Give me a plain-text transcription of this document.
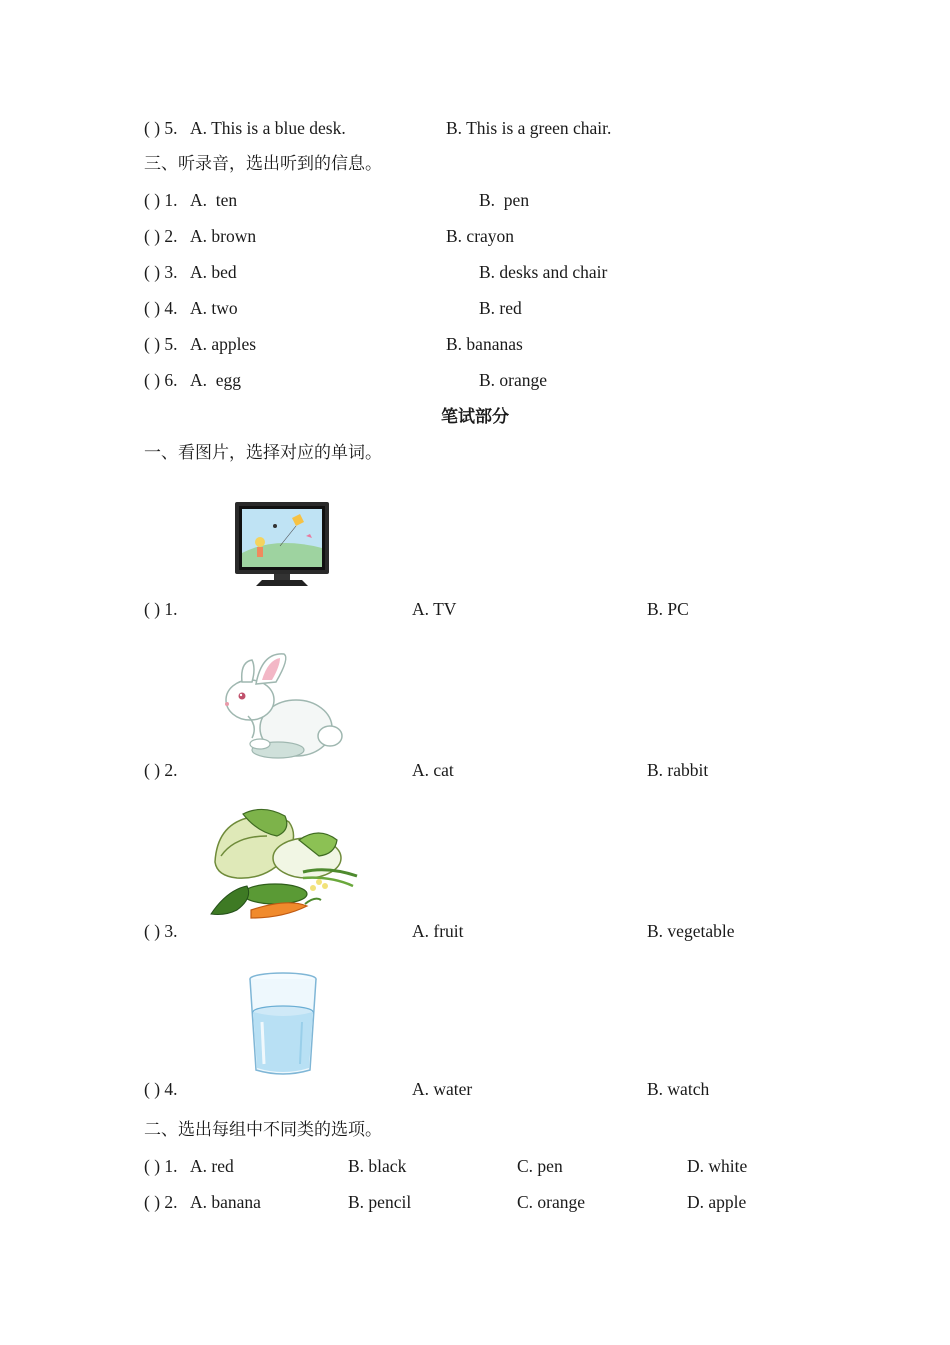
( ) 5.

A. This is a blue desk.

	B. This is a green chair.

三、听录音，选出听到的信息。

( ) 1.

A.  ten

	B.  pen

( ) 2.

A. brown

	B. crayon

( ) 3.

A. bed

	B. desks and chair

( ) 4.

A. two

	B. red

( ) 5.

A. apples

	B. bananas

( ) 6.

A.  egg

	B. orange

笔试部分

一、看图片，选择对应的单词。

( ) 1.

	A. TV

	B. PC

( ) 2.

	A. cat

	B. rabbit

( ) 3.

	A. fruit

	B. vegetable

( ) 4.

	A. water

	B. watch

二、选出每组中不同类的选项。

( ) 1.

A. red

	B. black

	C. pen

	D. white

( ) 2.

A. banana

	B. pencil

	C. orange

	D. apple
